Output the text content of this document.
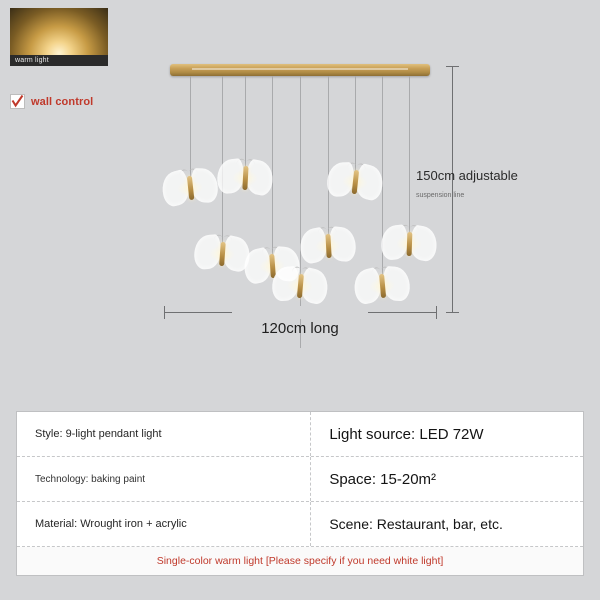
warm light
wall control
150cm adjustable
suspension line
120cm long
Style: 9-light pendant light	Light source: LED 72W
Technology: baking paint	Space: 15-20m²
Material: Wrought iron + acrylic	Scene: Restaurant, bar, etc.
Single-color warm light [Please specify if you need white light]
